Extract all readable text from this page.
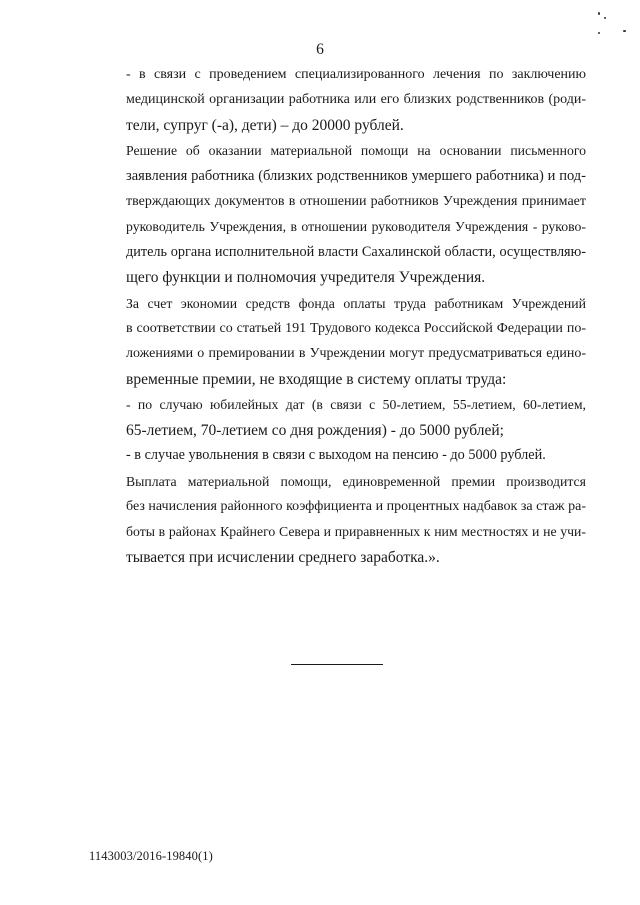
6

- в связи с проведением специализированного лечения по заключению
медицинской организации работника или его близких родственников (роди-
тели, супруг (-а), дети) – до 20000 рублей.

Решение об оказании материальной помощи на основании письменного
заявления работника (близких родственников умершего работника) и под-
тверждающих документов в отношении работников Учреждения принимает
руководитель Учреждения, в отношении руководителя Учреждения - руково-
дитель органа исполнительной власти Сахалинской области, осуществляю-
щего функции и полномочия учредителя Учреждения.

За счет экономии средств фонда оплаты труда работникам Учреждений
в соответствии со статьей 191 Трудового кодекса Российской Федерации по-
ложениями о премировании в Учреждении могут предусматриваться едино-
временные премии, не входящие в систему оплаты труда:

- по случаю юбилейных дат (в связи с 50-летием, 55-летием, 60-летием,
65-летием, 70-летием со дня рождения) - до 5000 рублей;

- в случае увольнения в связи с выходом на пенсию - до 5000 рублей.

Выплата материальной помощи, единовременной премии производится
без начисления районного коэффициента и процентных надбавок за стаж ра-
боты в районах Крайнего Севера и приравненных к ним местностях и не учи-
тывается при исчислении среднего заработка.».

1143003/2016-19840(1)
